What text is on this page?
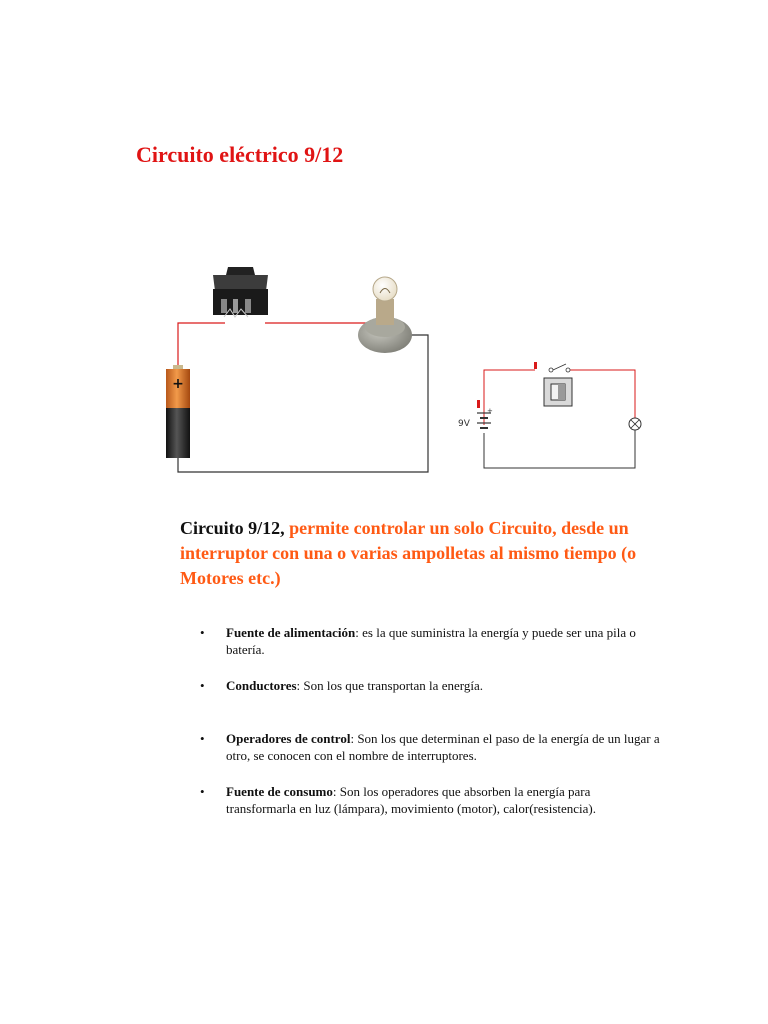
Circuito eléctrico 9/12
+
+
9V
Circuito 9/12, permite controlar un solo Circuito, desde un interruptor con una o varias ampolletas al mismo tiempo (o Motores etc.)
• Fuente de alimentación: es la que suministra la energía y puede ser una pila o batería.
• Conductores: Son los que transportan la energía.
• Operadores de control: Son los que determinan el paso de la energía de un lugar a otro, se conocen con el nombre de interruptores.
• Fuente de consumo: Son los operadores que absorben la energía para transformarla en luz (lámpara), movimiento (motor), calor(resistencia).
